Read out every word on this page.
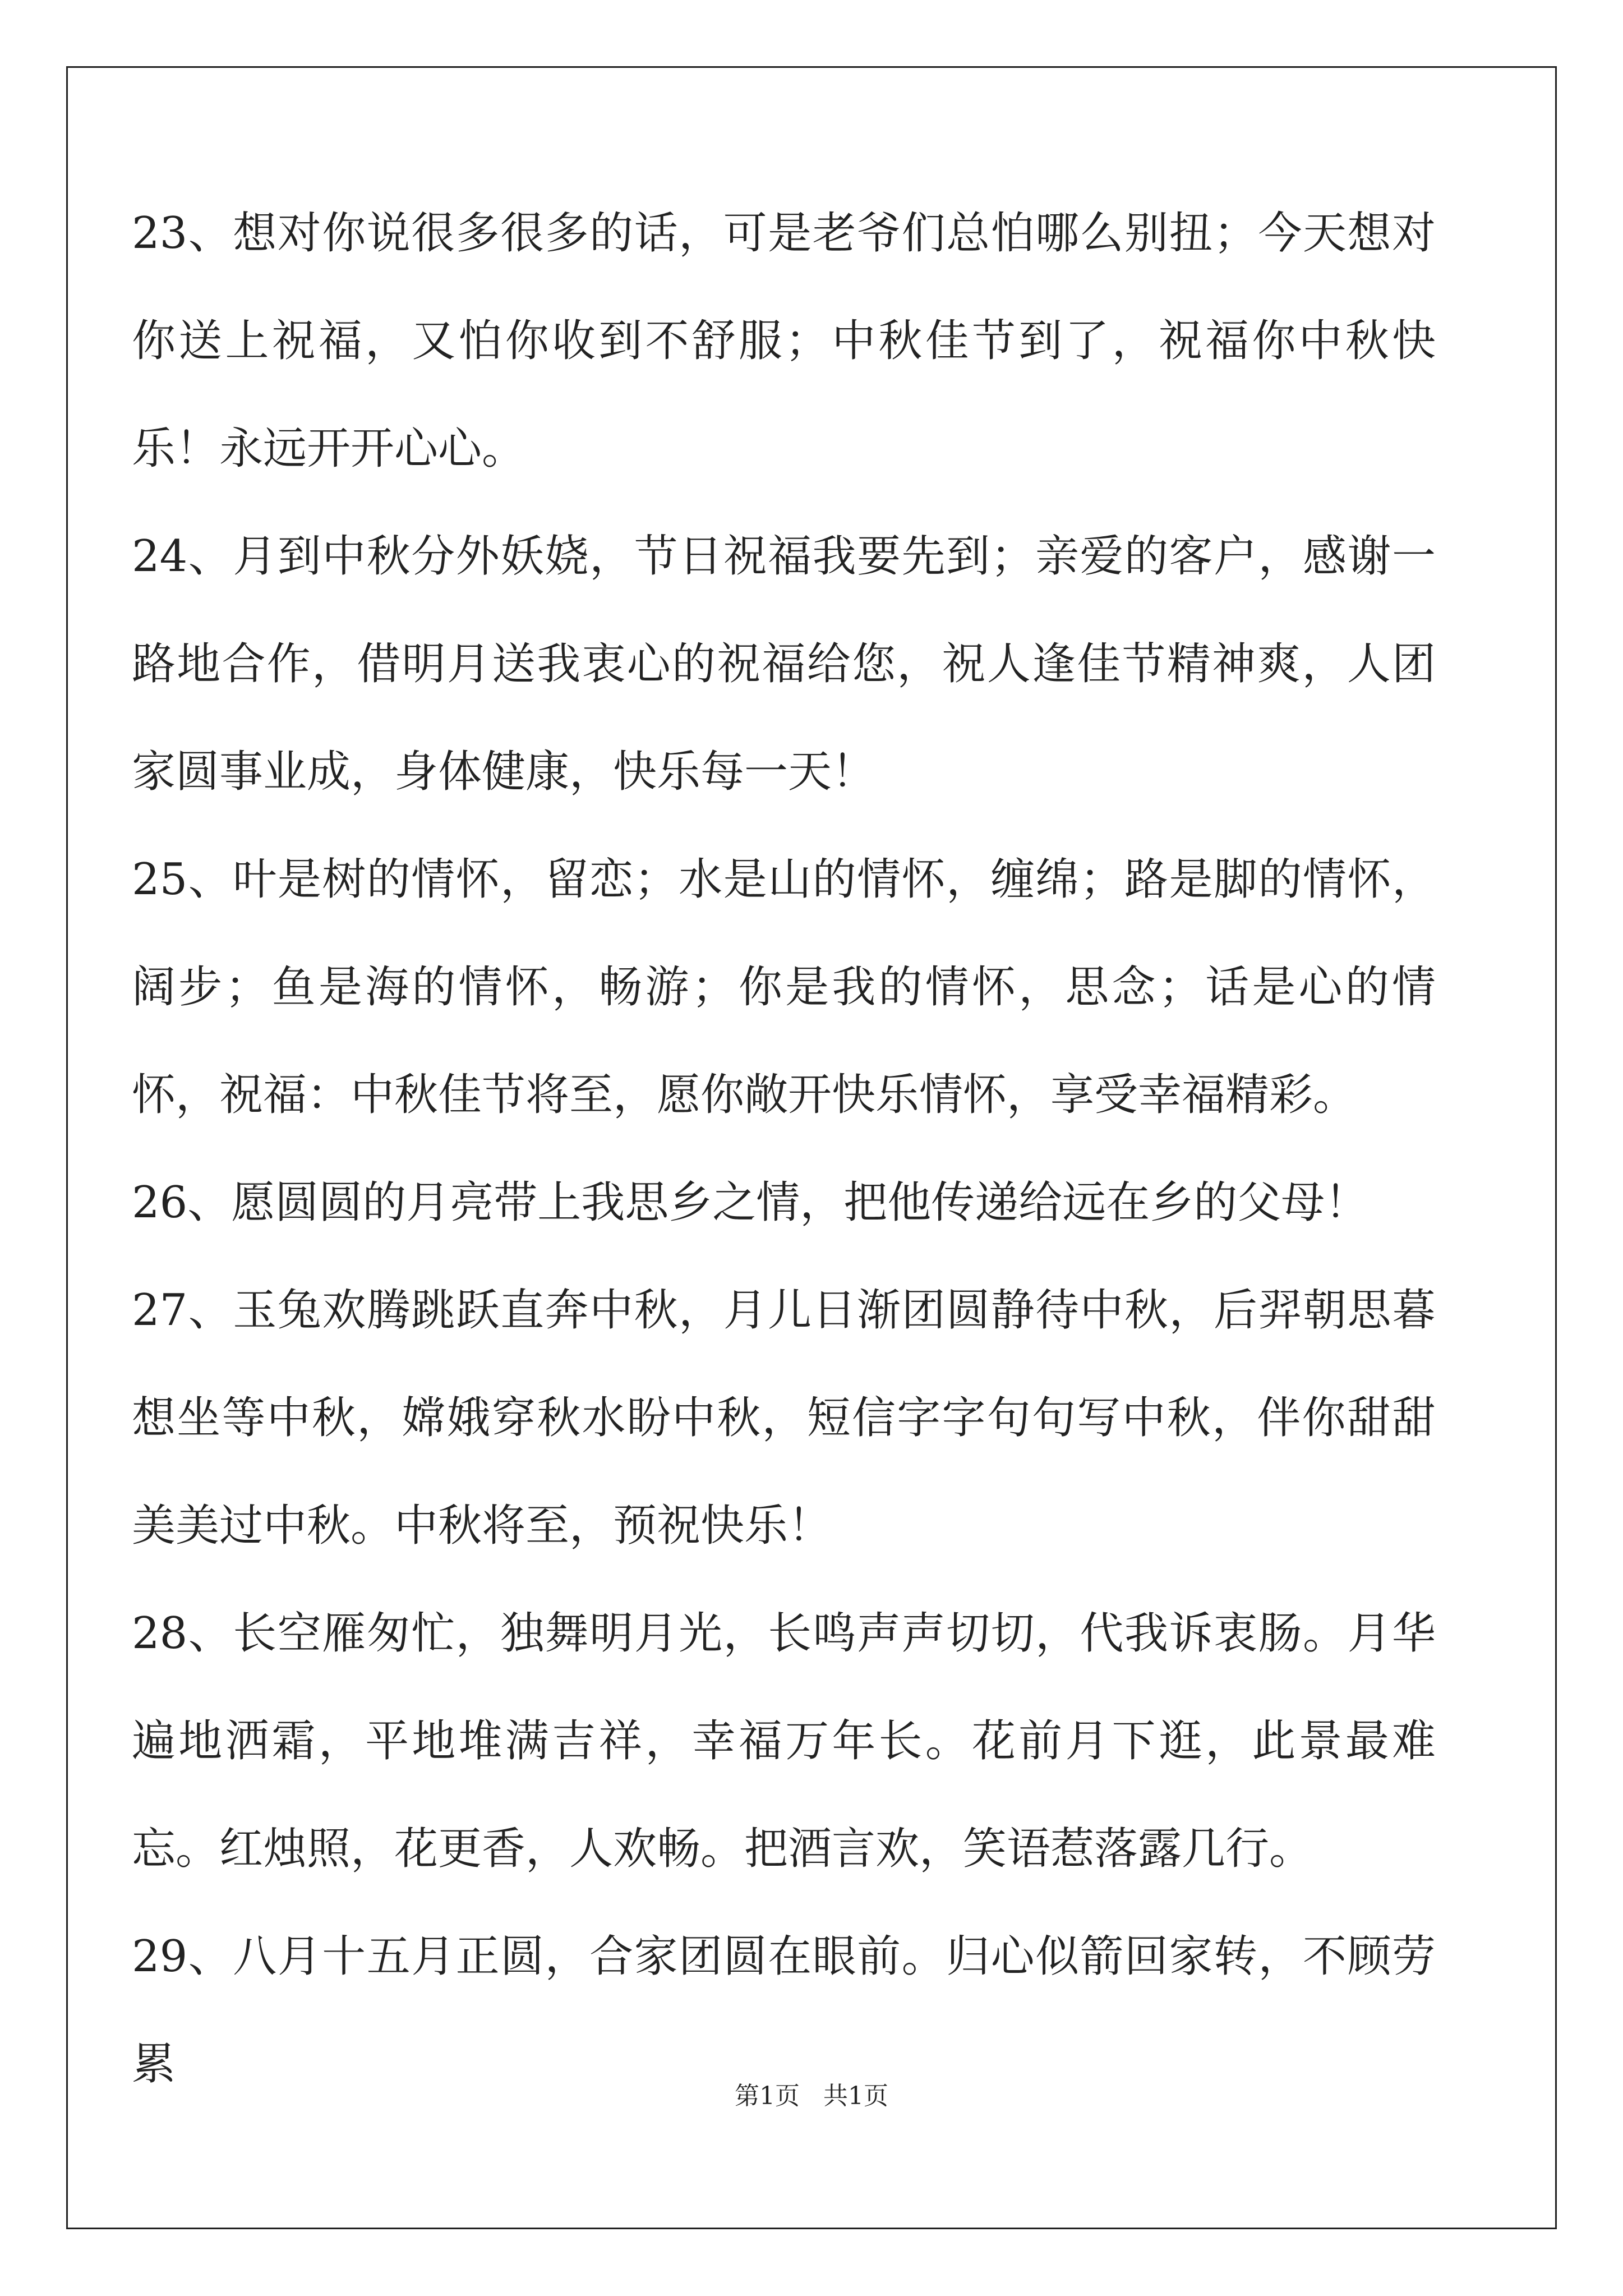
23、想对你说很多很多的话，可是老爷们总怕哪么别扭；今天想对你送上祝福，又怕你收到不舒服；中秋佳节到了，祝福你中秋快乐！永远开开心心。

24、月到中秋分外妖娆，节日祝福我要先到；亲爱的客户，感谢一路地合作，借明月送我衷心的祝福给您，祝人逢佳节精神爽，人团家圆事业成，身体健康，快乐每一天！

25、叶是树的情怀，留恋；水是山的情怀，缠绵；路是脚的情怀，阔步；鱼是海的情怀，畅游；你是我的情怀，思念；话是心的情怀，祝福：中秋佳节将至，愿你敞开快乐情怀，享受幸福精彩。

26、愿圆圆的月亮带上我思乡之情，把他传递给远在乡的父母！

27、玉兔欢腾跳跃直奔中秋，月儿日渐团圆静待中秋，后羿朝思暮想坐等中秋，嫦娥穿秋水盼中秋，短信字字句句写中秋，伴你甜甜美美过中秋。中秋将至，预祝快乐！

28、长空雁匆忙，独舞明月光，长鸣声声切切，代我诉衷肠。月华遍地洒霜，平地堆满吉祥，幸福万年长。花前月下逛，此景最难忘。红烛照，花更香，人欢畅。把酒言欢，笑语惹落露几行。

29、八月十五月正圆，合家团圆在眼前。归心似箭回家转，不顾劳累

第1页   共1页
